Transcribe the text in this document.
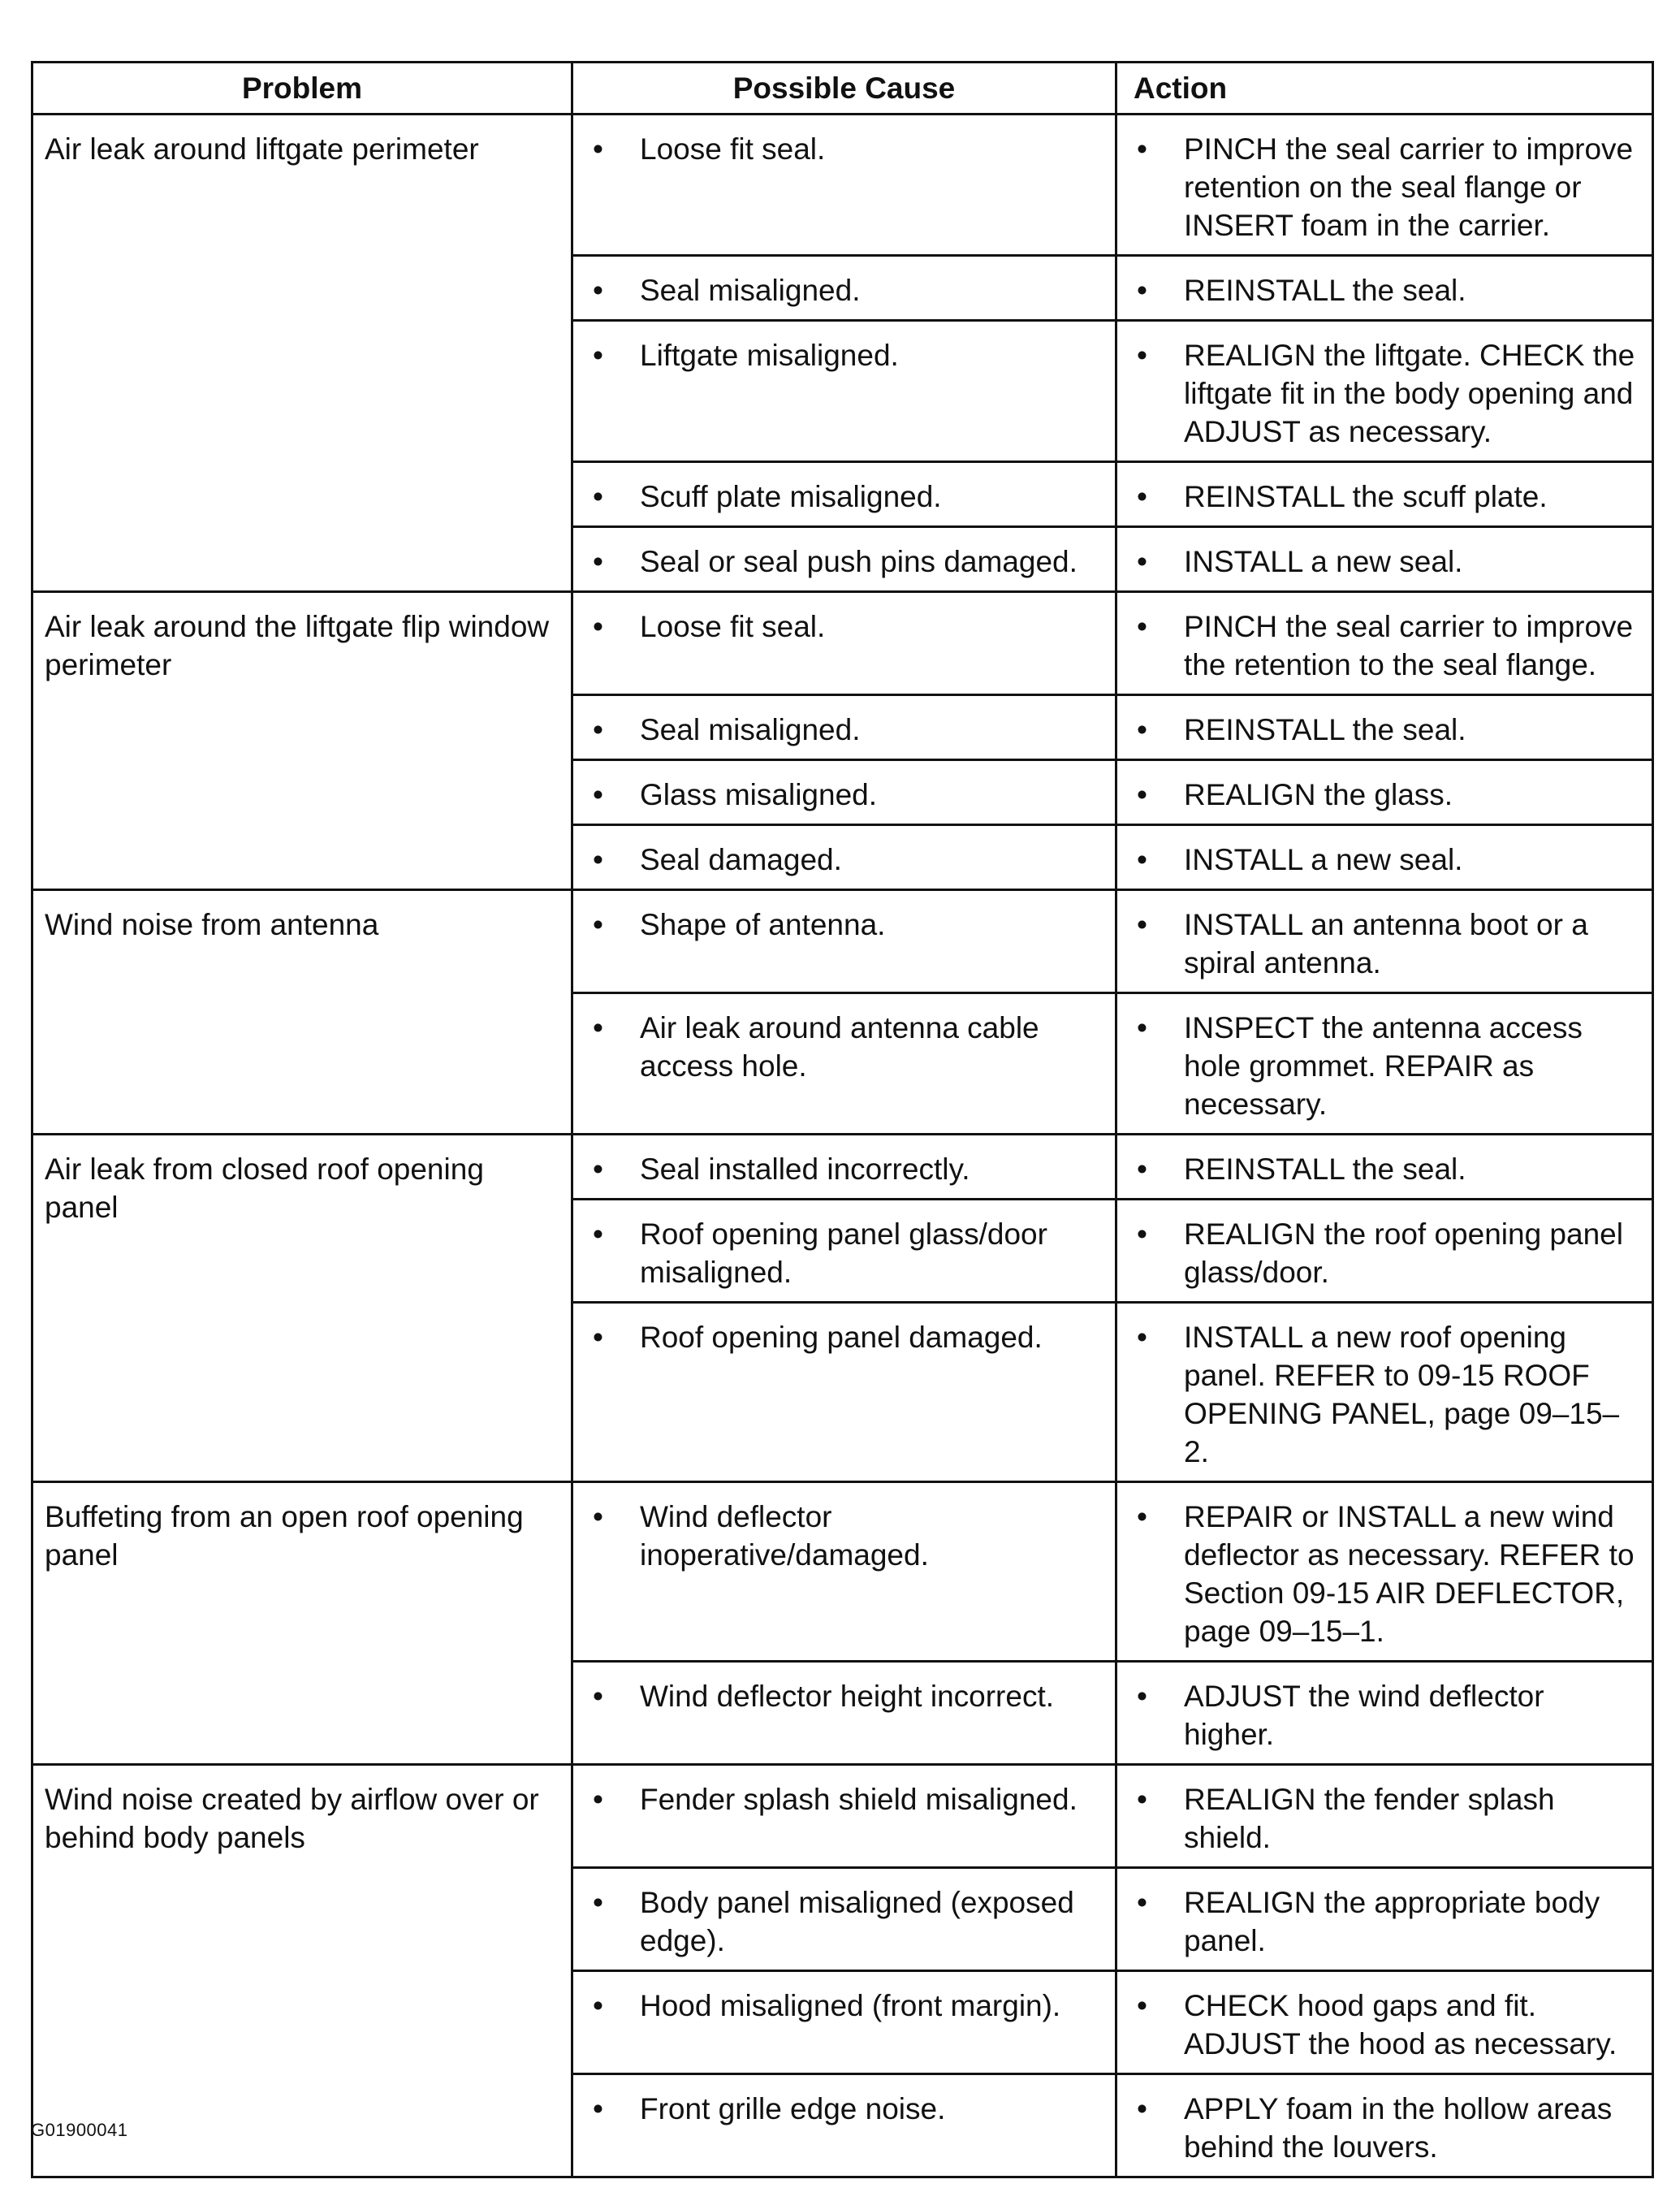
Problem	Possible Cause	Action
Air leak around liftgate perimeter	• Loose fit seal.	• PINCH the seal carrier to improve retention on the seal flange or INSERT foam in the carrier.

	• Seal misaligned.	• REINSTALL the seal.

	• Liftgate misaligned.	• REALIGN the liftgate. CHECK the liftgate fit in the body opening and ADJUST as necessary.

	• Scuff plate misaligned.	• REINSTALL the scuff plate.

	• Seal or seal push pins damaged.	• INSTALL a new seal.

Air leak around the liftgate flip window perimeter	• Loose fit seal.	• PINCH the seal carrier to improve the retention to the seal flange.

	• Seal misaligned.	• REINSTALL the seal.

	• Glass misaligned.	• REALIGN the glass.

	• Seal damaged.	• INSTALL a new seal.

Wind noise from antenna	• Shape of antenna.	• INSTALL an antenna boot or a spiral antenna.

	• Air leak around antenna cable access hole.	• INSPECT the antenna access hole grommet. REPAIR as necessary.

Air leak from closed roof opening panel	• Seal installed incorrectly.	• REINSTALL the seal.

	• Roof opening panel glass/door misaligned.	• REALIGN the roof opening panel glass/door.

	• Roof opening panel damaged.	• INSTALL a new roof opening panel. REFER to 09-15 ROOF OPENING PANEL, page 09–15–2.

Buffeting from an open roof opening panel	• Wind deflector inoperative/damaged.	• REPAIR or INSTALL a new wind deflector as necessary. REFER to Section 09-15 AIR DEFLECTOR, page 09–15–1.

	• Wind deflector height incorrect.	• ADJUST the wind deflector higher.

Wind noise created by airflow over or behind body panels	• Fender splash shield misaligned.	• REALIGN the fender splash shield.

	• Body panel misaligned (exposed edge).	• REALIGN the appropriate body panel.

	• Hood misaligned (front margin).	• CHECK hood gaps and fit. ADJUST the hood as necessary.

	• Front grille edge noise.	• APPLY foam in the hollow areas behind the louvers.
G01900041
